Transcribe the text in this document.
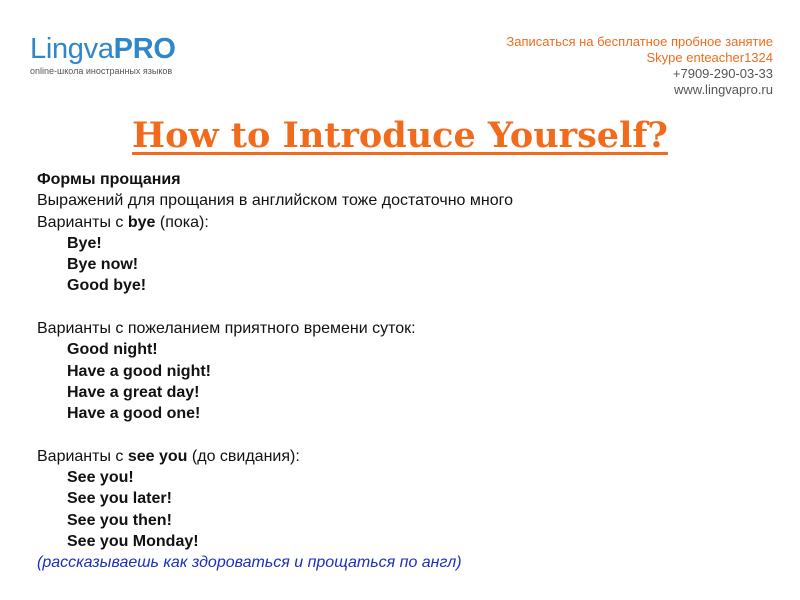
LingvaPRO
online-школа иностранных языков
Записаться на бесплатное пробное занятие
Skype enteacher1324
+7909-290-03-33
www.lingvapro.ru
How to Introduce Yourself?
Формы прощания
Выражений для прощания в английском тоже достаточно много
Варианты с bye (пока):
Bye!
Bye now!
Good bye!
Варианты с пожеланием приятного времени суток:
Good night!
Have a good night!
Have a great day!
Have a good one!
Варианты с see you (до свидания):
See you!
See you later!
See you then!
See you Monday!
(рассказываешь как здороваться и прощаться по англ)
